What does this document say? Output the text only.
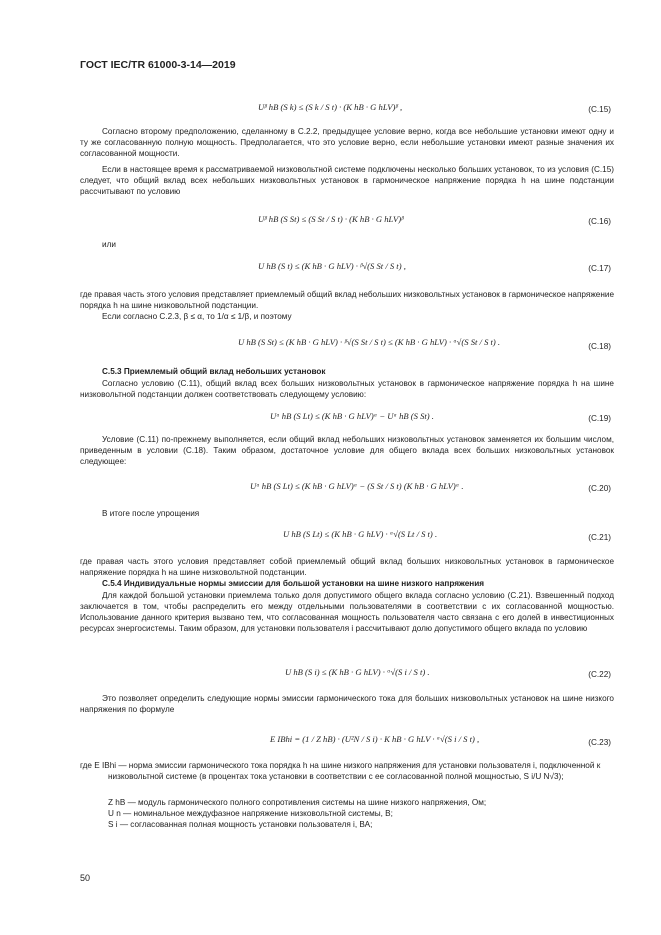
ГОСТ IEC/TR 61000-3-14—2019
Uᵝ hB (S k) ≤ (S k / S t) · (K hB · G hLV)ᵝ ,	(C.15)
Согласно второму предположению, сделанному в С.2.2, предыдущее условие верно, когда все небольшие установки имеют одну и ту же согласованную полную мощность. Предполагается, что это условие верно, если небольшие установки имеют разные значения их согласованной мощности.
Если в настоящее время к рассматриваемой низковольтной системе подключены несколько больших установок, то из условия (С.15) следует, что общий вклад всех небольших низковольтных установок в гармоническое напряжение порядка h на шине подстанции рассчитывают по условию
Uᵝ hB (S St) ≤ (S St / S t) · (K hB · G hLV)ᵝ	(C.16)
или
U hB (S t) ≤ (K hB · G hLV) · ᵝ√(S St / S t) ,	(C.17)
где правая часть этого условия представляет приемлемый общий вклад небольших низковольтных установок в гармоническое напряжение порядка h на шине низковольтной подстанции.
Если согласно С.2.3, β ≤ α, то 1/α ≤ 1/β, и поэтому
U hB (S St) ≤ (K hB · G hLV) · ᵝ√(S St / S t) ≤ (K hB · G hLV) · ᵅ√(S St / S t) .	(C.18)
С.5.3 Приемлемый общий вклад небольших установок
Согласно условию (С.11), общий вклад всех больших низковольтных установок в гармоническое напряжение порядка h на шине низковольтной подстанции должен соответствовать следующему условию:
Uᵅ hB (S Lt) ≤ (K hB · G hLV)ᵅ − Uᵅ hB (S St) .	(C.19)
Условие (С.11) по-прежнему выполняется, если общий вклад небольших низковольтных установок заменяется их большим числом, приведенным в условии (С.18). Таким образом, достаточное условие для общего вклада всех больших низковольтных установок следующее:
Uᵅ hB (S Lt) ≤ (K hB · G hLV)ᵅ − (S St / S t) (K hB · G hLV)ᵅ .	(C.20)
В итоге после упрощения
U hB (S Lt) ≤ (K hB · G hLV) · ᵅ√(S Lt / S t) .	(C.21)
где правая часть этого условия представляет собой приемлемый общий вклад больших низковольтных установок в гармоническое напряжение порядка h на шине низковольтной подстанции.
С.5.4 Индивидуальные нормы эмиссии для большой установки на шине низкого напряжения
Для каждой большой установки приемлема только доля допустимого общего вклада согласно условию (С.21). Взвешенный подход заключается в том, чтобы распределить его между отдельными пользователями в соответствии с их согласованной мощностью. Использование данного критерия вызвано тем, что согласованная мощность пользователя часто связана с его долей в инвестиционных ресурсах энергосистемы. Таким образом, для установки пользователя i рассчитывают долю допустимого общего вклада по условию
U hB (S i) ≤ (K hB · G hLV) · ᵅ√(S i / S t) .	(C.22)
Это позволяет определить следующие нормы эмиссии гармонического тока для больших низковольтных установок на шине низкого напряжения по формуле
E IBhi = (1 / Z hB) · (U²N / S i) · K hB · G hLV · ᵅ√(S i / S t) ,	(C.23)
где E IBhi — норма эмиссии гармонического тока порядка h на шине низкого напряжения для установки пользователя i, подключенной к низковольтной системе (в процентах тока установки в соответствии с ее согласованной полной мощностью, S i/U N√3);
Z hB — модуль гармонического полного сопротивления системы на шине низкого напряжения, Ом;
U n — номинальное междуфазное напряжение низковольтной системы, В;
S i — согласованная полная мощность установки пользователя i, ВА;
50
